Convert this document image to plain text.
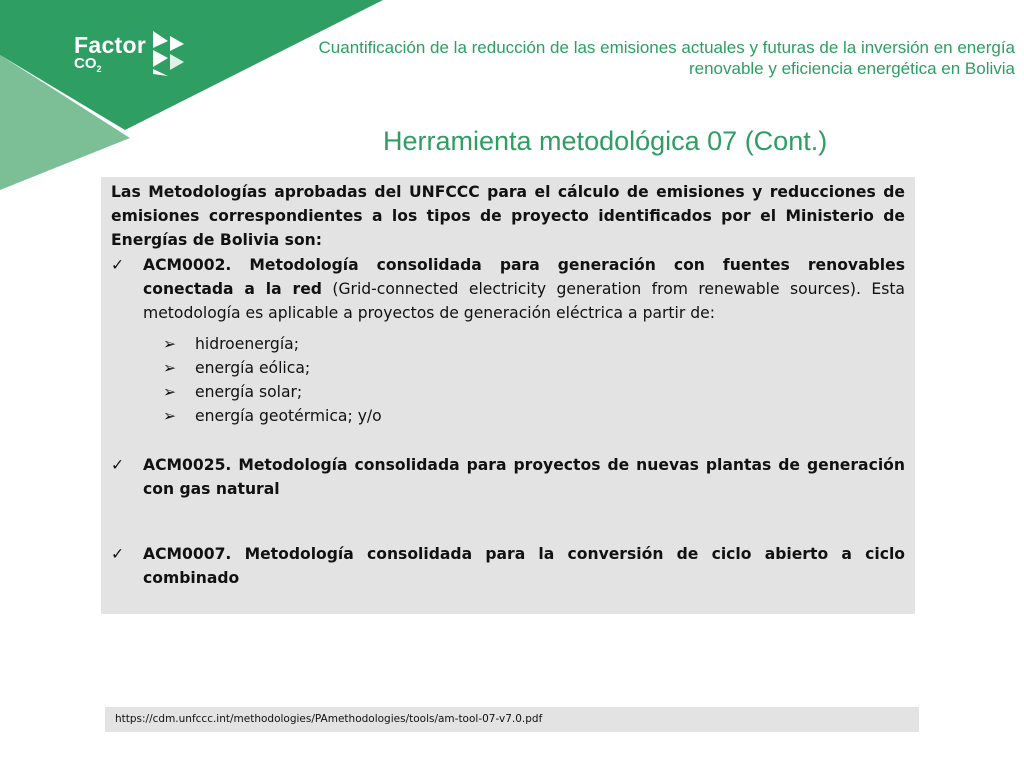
Factor
$CO_2$
Cuantificación de la reducción de las emisiones actuales y futuras de la inversión en energía renovable y eficiencia energética en Bolivia
Herramienta metodológica 07 (Cont.)

Las Metodologías aprobadas del UNFCCC para el cálculo de emisiones y reducciones de emisiones correspondientes a los tipos de proyecto identificados por el Ministerio de Energías de Bolivia son:

✓ ACM0002. Metodología consolidada para generación con fuentes renovables conectada a la red (Grid-connected electricity generation from renewable sources). Esta metodología es aplicable a proyectos de generación eléctrica a partir de:
➢ hidroenergía;
➢ energía eólica;
➢ energía solar;
➢ energía geotérmica; y/o
✓ ACM0025. Metodología consolidada para proyectos de nuevas plantas de generación con gas natural
✓ ACM0007. Metodología consolidada para la conversión de ciclo abierto a ciclo combinado
https://cdm.unfccc.int/methodologies/PAmethodologies/tools/am-tool-07-v7.0.pdf
